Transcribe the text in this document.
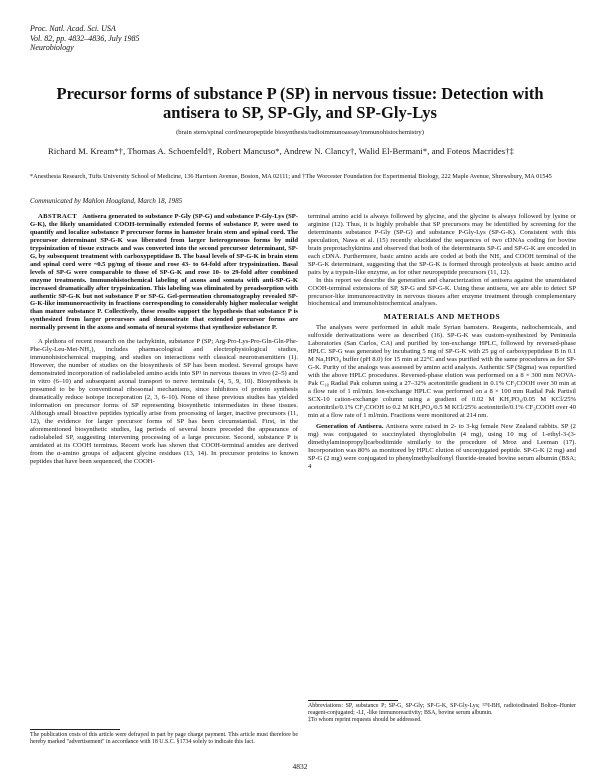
Proc. Natl. Acad. Sci. USA
Vol. 82, pp. 4832–4836, July 1985
Neurobiology
Precursor forms of substance P (SP) in nervous tissue: Detection with antisera to SP, SP-Gly, and SP-Gly-Lys
(brain stem/spinal cord/neuropeptide biosynthesis/radioimmunoassay/immunohistochemistry)
Richard M. Kream*†, Thomas A. Schoenfeld†, Robert Mancuso*, Andrew N. Clancy†, Walid El-Bermani*, and Foteos Macrides†‡
*Anesthesia Research, Tufts University School of Medicine, 136 Harrison Avenue, Boston, MA 02111; and †The Worcester Foundation for Experimental Biology, 222 Maple Avenue, Shrewsbury, MA 01545
Communicated by Mahlon Hoagland, March 18, 1985

ABSTRACT Antisera generated to substance P-Gly (SP-G) and substance P-Gly-Lys (SP-G-K), the likely unamidated COOH-terminally extended forms of substance P, were used to quantify and localize substance P precursor forms in hamster brain stem and spinal cord. The precursor determinant SP-G-K was liberated from larger heterogeneous forms by mild trypsinization of tissue extracts and was converted into the second precursor determinant, SP-G, by subsequent treatment with carboxypeptidase B. The basal levels of SP-G-K in brain stem and spinal cord were ~0.5 pg/mg of tissue and rose 43- to 64-fold after trypsinization. Basal levels of SP-G were comparable to those of SP-G-K and rose 10- to 29-fold after combined enzyme treatments. Immunohistochemical labeling of axons and somata with anti-SP-G-K increased dramatically after trypsinization. This labeling was eliminated by preadsorption with authentic SP-G-K but not substance P or SP-G. Gel-permeation chromatography revealed SP-G-K-like immunoreactivity in fractions corresponding to considerably higher molecular weight than mature substance P. Collectively, these results support the hypothesis that substance P is synthesized from larger precursors and demonstrate that extended precursor forms are normally present in the axons and somata of neural systems that synthesize substance P.

A plethora of recent research on the tachykinin, substance P (SP; Arg-Pro-Lys-Pro-Gln-Gln-Phe-Phe-Gly-Leu-Met-NH₂), includes pharmacological and electrophysiological studies, immunohistochemical mapping, and studies on interactions with classical neurotransmitters (1). However, the number of studies on the biosynthesis of SP has been modest. Several groups have demonstrated incorporation of radiolabeled amino acids into SP¹ in nervous tissues in vivo (2–5) and in vitro (6–10) and subsequent axonal transport to nerve terminals (4, 5, 9, 10). Biosynthesis is presumed to be by conventional ribosomal mechanisms, since inhibitors of protein synthesis dramatically reduce isotope incorporation (2, 3, 6–10). None of these previous studies has yielded information on precursor forms of SP representing biosynthetic intermediates in these tissues. Although small bioactive peptides typically arise from processing of larger, inactive precursors (11, 12), the evidence for larger precursor forms of SP has been circumstantial. First, in the aforementioned biosynthetic studies, lag periods of several hours preceded the appearance of radiolabeled SP, suggesting intervening processing of a large precursor. Second, substance P is amidated at its COOH terminus. Recent work has shown that COOH-terminal amides are derived from the ɑ-amino groups of adjacent glycine residues (13, 14). In precursor proteins to known peptides that have been sequenced, the COOH-

terminal amino acid is always followed by glycine, and the glycine is always followed by lysine or arginine (12). Thus, it is highly probable that SP precursors may be identified by screening for the determinants substance P-Gly (SP-G) and substance P-Gly-Lys (SP-G-K). Consistent with this speculation, Nawa et al. (15) recently elucidated the sequences of two cDNAs coding for bovine brain preprotachykinins and observed that both of the determinants SP-G and SP-G-K are encoded in each cDNA. Furthermore, basic amino acids are coded at both the NH₂ and COOH terminal of the SP-G-K determinant, suggesting that the SP-G-K is formed through proteolysis at basic amino acid pairs by a trypsin-like enzyme, as for other neuropeptide precursors (11, 12).

In this report we describe the generation and characterization of antisera against the unamidated COOH-terminal extensions of SP, SP-G and SP-G-K. Using these antisera, we are able to detect SP precursor-like immunoreactivity in nervous tissues after enzyme treatment through complementary biochemical and immunohistochemical analyses.

MATERIALS AND METHODS

The analyses were performed in adult male Syrian hamsters. Reagents, radiochemicals, and sulfoxide derivatizations were as described (16). SP-G-K was custom-synthesized by Peninsula Laboratories (San Carlos, CA) and purified by ion-exchange HPLC, followed by reversed-phase HPLC. SP-G was generated by incubating 5 mg of SP-G-K with 25 μg of carboxypeptidase B in 0.1 M Na₂HPO₄ buffer (pH 8.0) for 15 min at 22°C and was purified with the same procedures as for SP-G-K. Purity of the analogs was assessed by amino acid analysis. Authentic SP (Sigma) was repurified with the above HPLC procedures. Reversed-phase elution was performed on a 8 × 300 mm NOVA-Pak C₁₈ Radial Pak column using a 27–32% acetonitrile gradient in 0.1% CF₃COOH over 30 min at a flow rate of 1 ml/min. Ion-exchange HPLC was performed on a 8 × 100 mm Radial Pak Partisil SCX-10 cation-exchange column using a gradient of 0.02 M KH₂PO₄/0.05 M KCl/25% acetonitrile/0.1% CF₃COOH to 0.2 M KH₂PO₄/0.5 M KCl/25% acetonitrile/0.1% CF₃COOH over 40 min at a flow rate of 1 ml/min. Fractions were monitored at 214 nm.

Generation of Antisera. Antisera were raised in 2- to 3-kg female New Zealand rabbits. SP (2 mg) was conjugated to succinylated thyroglobulin (4 mg), using 10 mg of 1-ethyl-3-(3-dimethylaminopropyl)carbodiimide similarly to the procedure of Mroz and Leeman (17). Incorporation was 80% as monitored by HPLC elution of unconjugated peptide. SP-G-K (2 mg) and SP-G (2 mg) were conjugated to phenylmethylsulfonyl fluoride-treated bovine serum albumin (BSA; 4

The publication costs of this article were defrayed in part by page charge payment. This article must therefore be hereby marked "advertisement" in accordance with 18 U.S.C. §1734 solely to indicate this fact.
Abbreviations: SP, substance P; SP-G, SP-Gly; SP-G-K, SP-Gly-Lys; ¹²⁵I-BH, radioiodinated Bolton–Hunter reagent-conjugated; -LI, -like immunoreactivity; BSA, bovine serum albumin.
‡To whom reprint requests should be addressed.
4832
